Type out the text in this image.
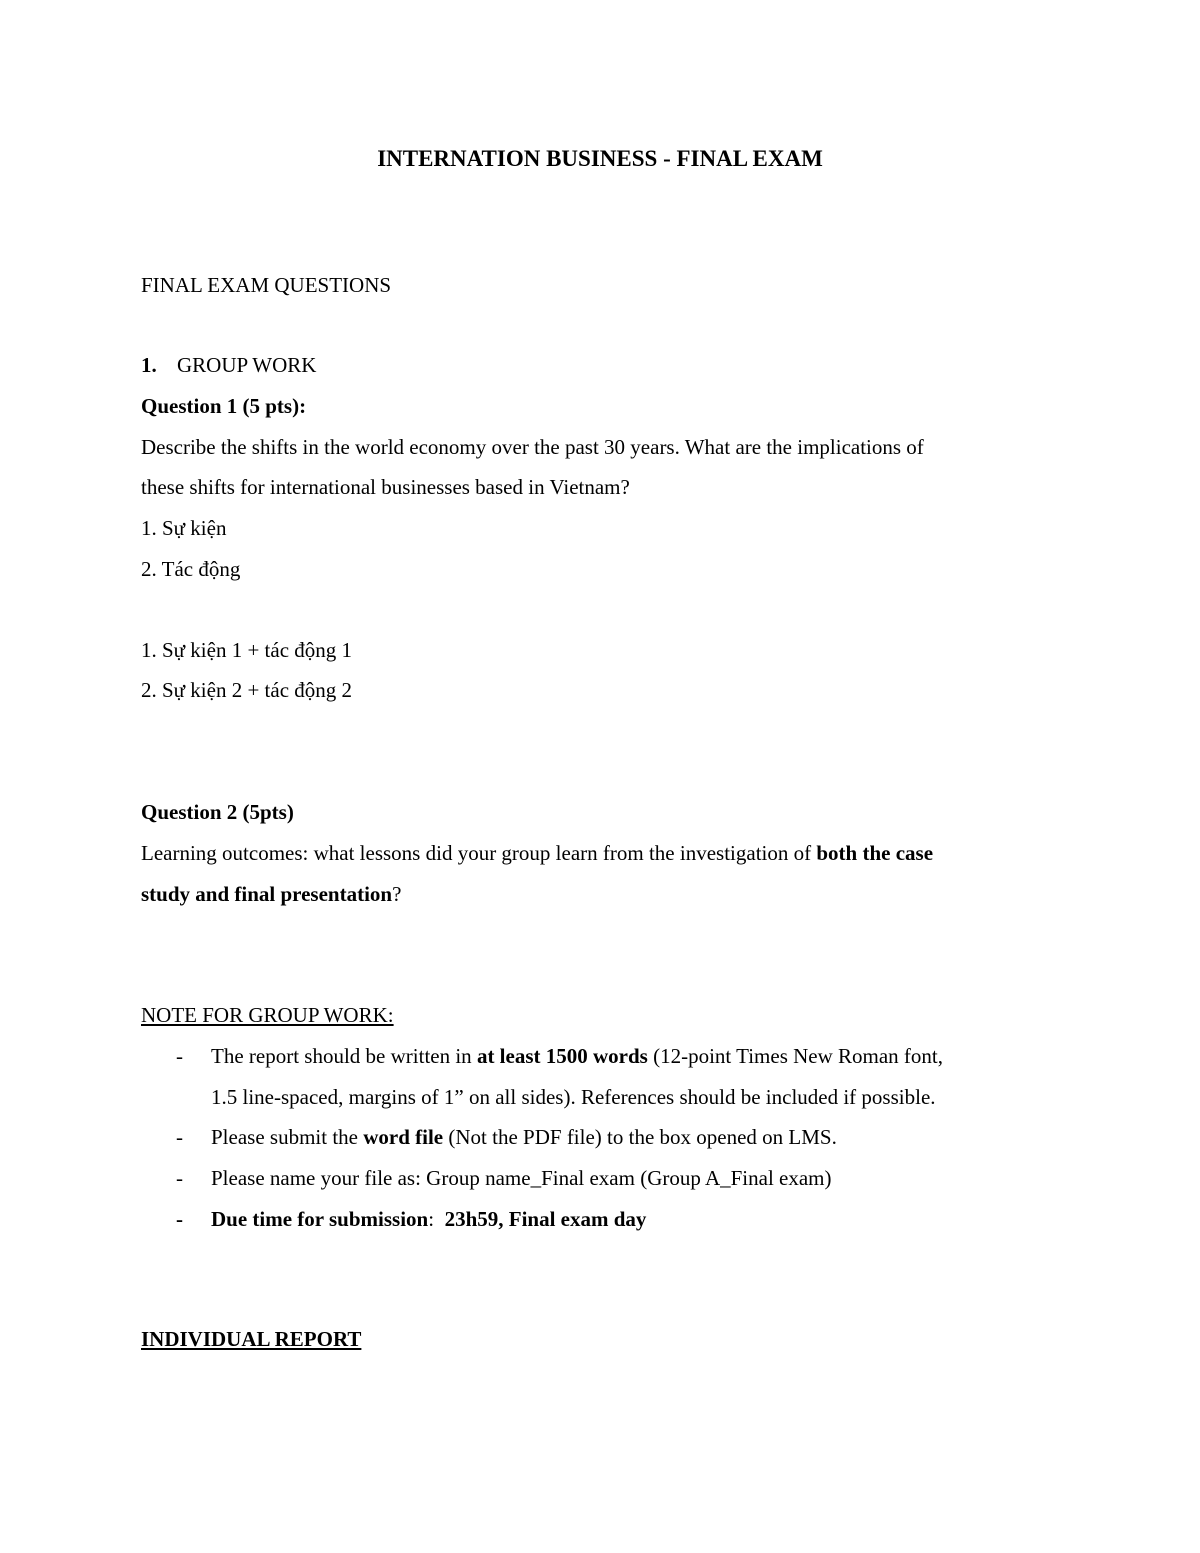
INTERNATION BUSINESS - FINAL EXAM
FINAL EXAM QUESTIONS
1. GROUP WORK
Question 1 (5 pts):
Describe the shifts in the world economy over the past 30 years. What are the implications of
these shifts for international businesses based in Vietnam?
1. Sự kiện
2. Tác động
1. Sự kiện 1 + tác động 1
2. Sự kiện 2 + tác động 2
Question 2 (5pts)
Learning outcomes: what lessons did your group learn from the investigation of both the case
study and final presentation?
NOTE FOR GROUP WORK:
- The report should be written in at least 1500 words (12-point Times New Roman font,
1.5 line-spaced, margins of 1” on all sides). References should be included if possible.
- Please submit the word file (Not the PDF file) to the box opened on LMS.
- Please name your file as: Group name_Final exam (Group A_Final exam)
- Due time for submission: 23h59, Final exam day
INDIVIDUAL REPORT
